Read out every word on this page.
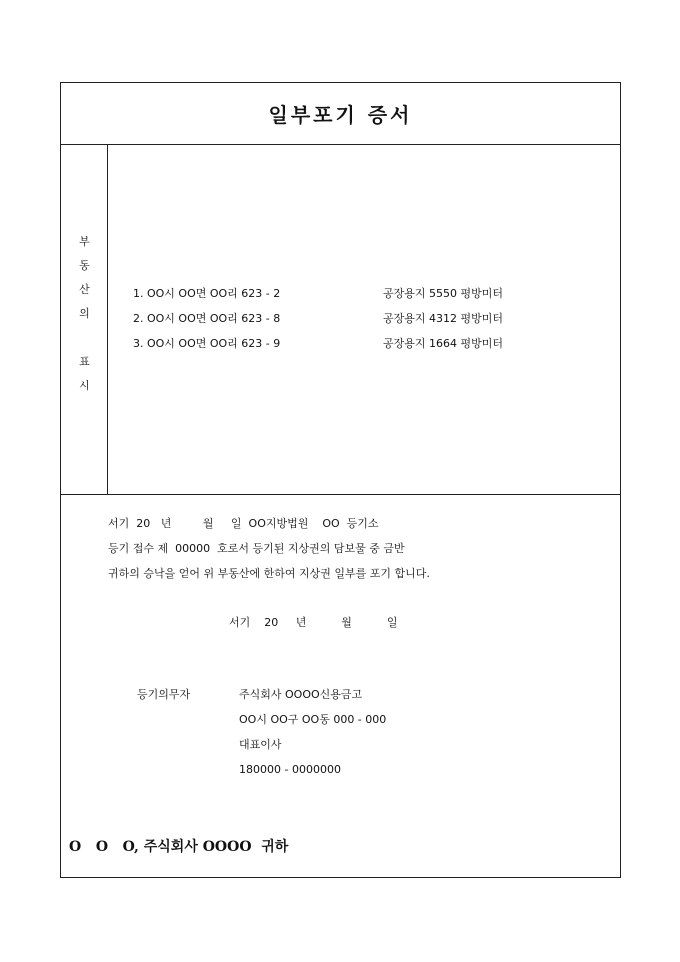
일부포기 증서
부
동
산
의
표
시
1. OO시 OO면 OO리 623 - 2	공장용지 5550 평방미터
2. OO시 OO면 OO리 623 - 8	공장용지 4312 평방미터
3. OO시 OO면 OO리 623 - 9	공장용지 1664 평방미터
서기  20   년         월     일  OO지방법원    OO  등기소
등기 접수 제  00000  호로서 등기된 지상권의 담보물 중 금반
귀하의 승낙을 얻어 위 부동산에 한하여 지상권 일부를 포기 합니다.
서기    20     년          월          일
등기의무자	주식회사 OOOO신용금고
OO시 OO구 OO동 000 - 000
대표이사
180000 - 0000000
O   O   O, 주식회사 OOOO  귀하
